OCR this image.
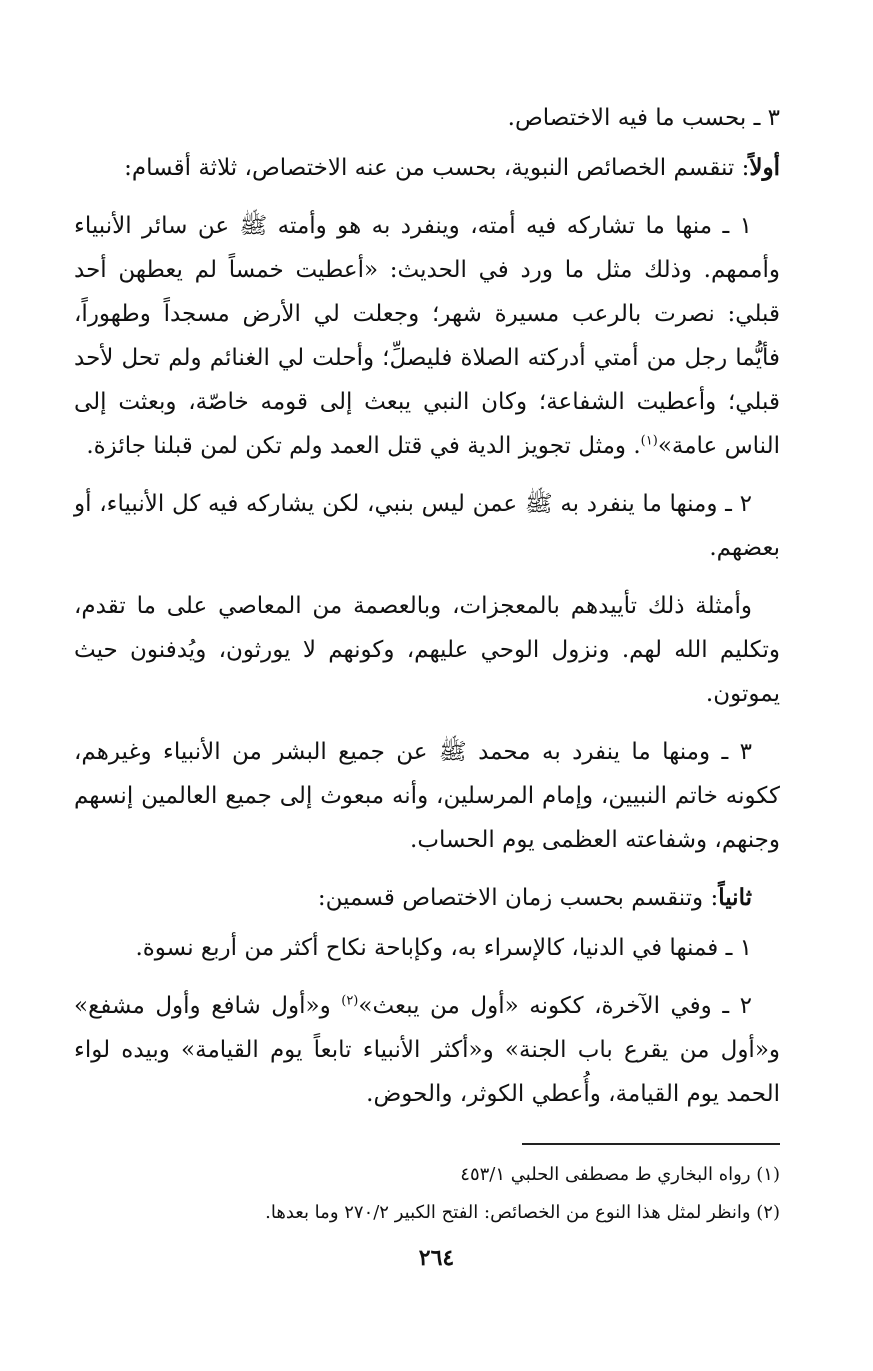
٣ ـ بحسب ما فيه الاختصاص.

أولاً: تنقسم الخصائص النبوية، بحسب من عنه الاختصاص، ثلاثة أقسام:

١ ـ منها ما تشاركه فيه أمته، وينفرد به هو وأمته ﷺ عن سائر الأنبياء وأممهم. وذلك مثل ما ورد في الحديث: «أعطيت خمساً لم يعطهن أحد قبلي: نصرت بالرعب مسيرة شهر؛ وجعلت لي الأرض مسجداً وطهوراً، فأيُّما رجل من أمتي أدركته الصلاة فليصلِّ؛ وأحلت لي الغنائم ولم تحل لأحد قبلي؛ وأعطيت الشفاعة؛ وكان النبي يبعث إلى قومه خاصّة، وبعثت إلى الناس عامة»$^{(١)}$. ومثل تجويز الدية في قتل العمد ولم تكن لمن قبلنا جائزة.

٢ ـ ومنها ما ينفرد به ﷺ عمن ليس بنبي، لكن يشاركه فيه كل الأنبياء، أو بعضهم.

وأمثلة ذلك تأييدهم بالمعجزات، وبالعصمة من المعاصي على ما تقدم، وتكليم الله لهم. ونزول الوحي عليهم، وكونهم لا يورثون، ويُدفنون حيث يموتون.

٣ ـ ومنها ما ينفرد به محمد ﷺ عن جميع البشر من الأنبياء وغيرهم، ككونه خاتم النبيين، وإمام المرسلين، وأنه مبعوث إلى جميع العالمين إنسهم وجنهم، وشفاعته العظمى يوم الحساب.

ثانياً: وتنقسم بحسب زمان الاختصاص قسمين:

١ ـ فمنها في الدنيا، كالإسراء به، وكإباحة نكاح أكثر من أربع نسوة.

٢ ـ وفي الآخرة، ككونه «أول من يبعث»$^{(٢)}$ و«أول شافع وأول مشفع» و«أول من يقرع باب الجنة» و«أكثر الأنبياء تابعاً يوم القيامة» وبيده لواء الحمد يوم القيامة، وأُعطي الكوثر، والحوض.

(١) رواه البخاري ط مصطفى الحلبي ٤٥٣/١
(٢) وانظر لمثل هذا النوع من الخصائص: الفتح الكبير ٢٧٠/٢ وما بعدها.
٢٦٤
